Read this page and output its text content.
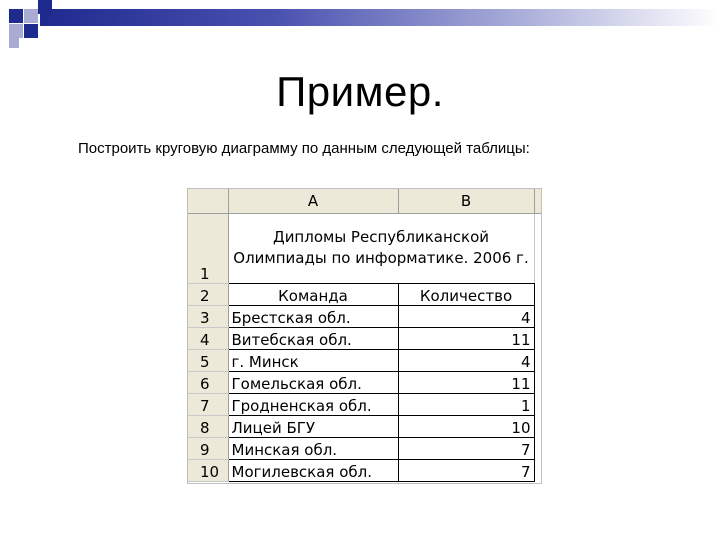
Пример.
Построить круговую диаграмму по данным следующей таблицы:
	A	B	
1	Дипломы Республиканской Олимпиады по информатике. 2006 г.		
2	Команда	Количество	
3	Брестская обл.	4	
4	Витебская обл.	11	
5	г. Минск	4	
6	Гомельская обл.	11	
7	Гродненская обл.	1	
8	Лицей БГУ	10	
9	Минская обл.	7	
10	Могилевская обл.	7	
